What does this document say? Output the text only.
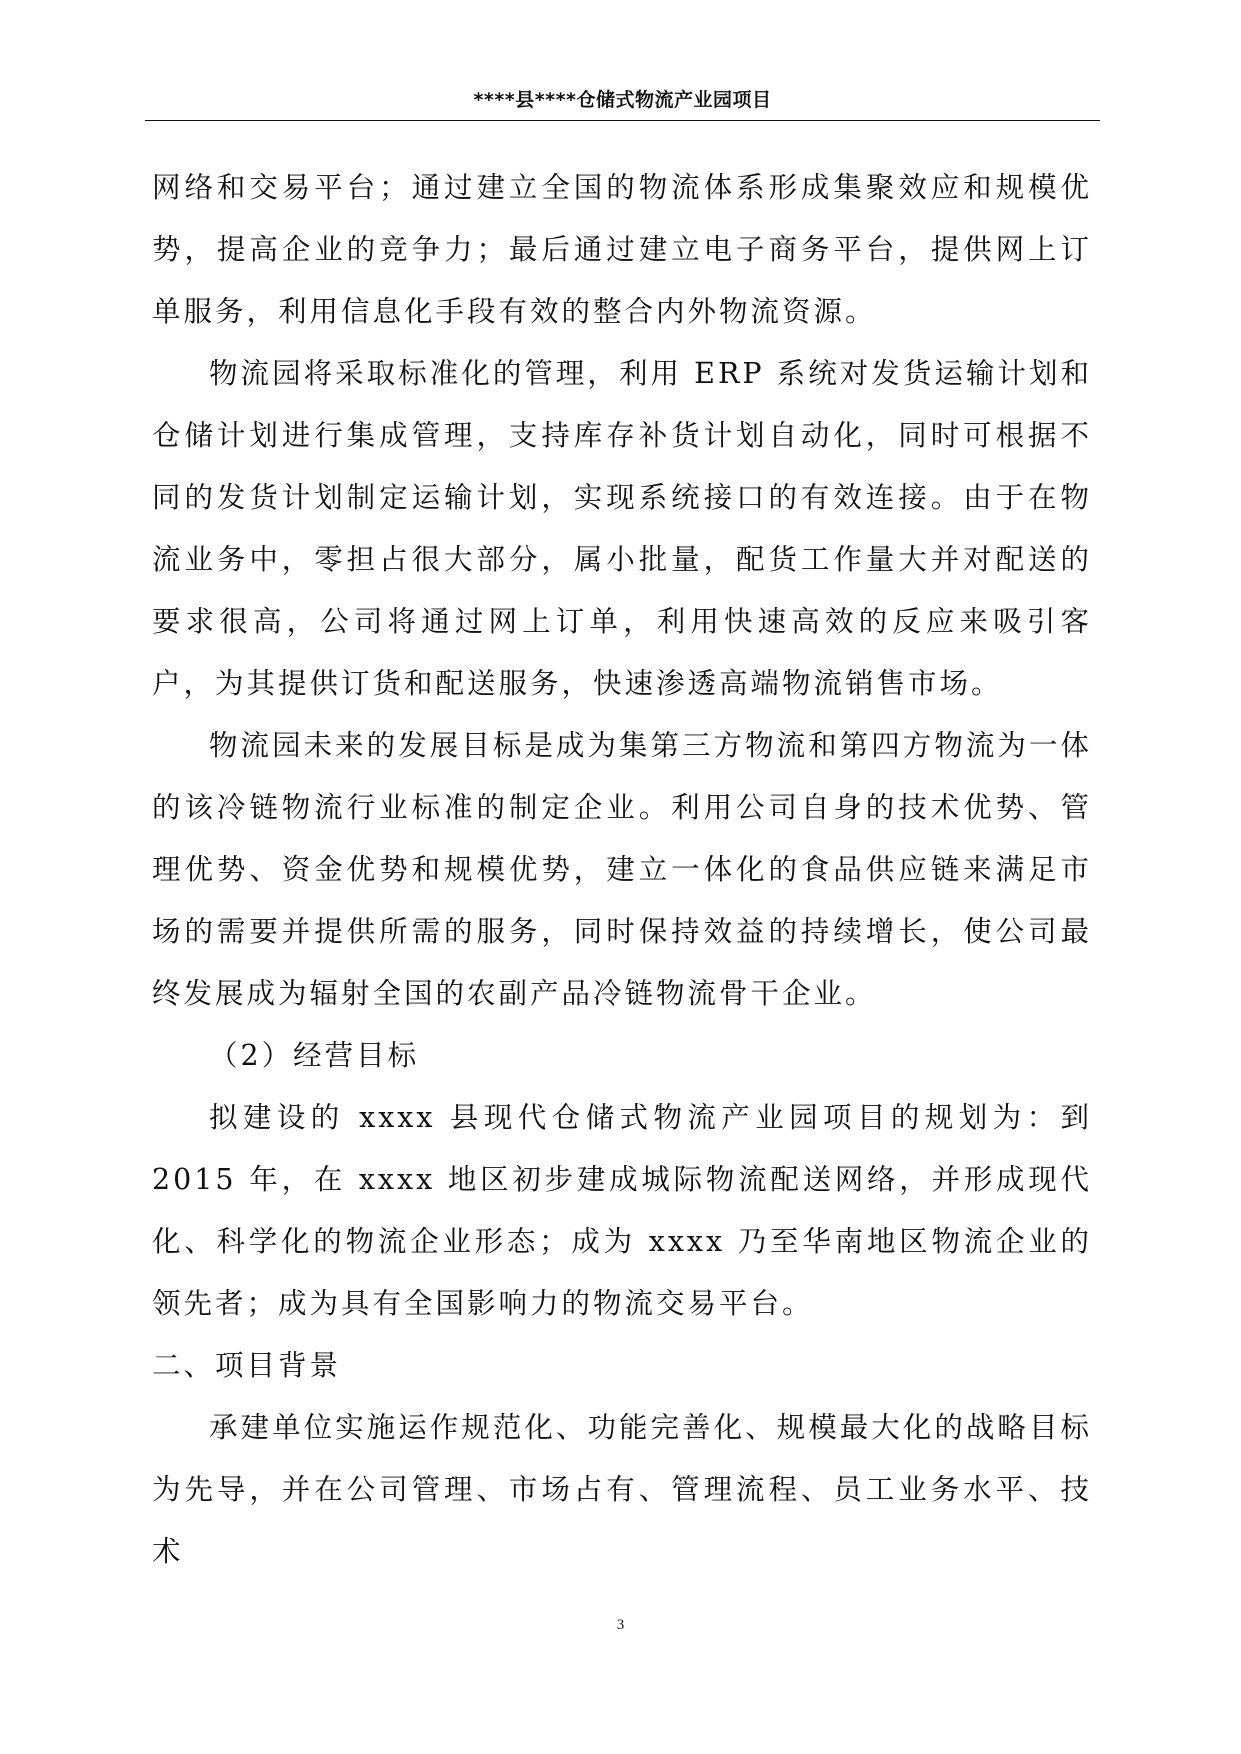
****县****仓储式物流产业园项目

网络和交易平台；通过建立全国的物流体系形成集聚效应和规模优势，提高企业的竞争力；最后通过建立电子商务平台，提供网上订单服务，利用信息化手段有效的整合内外物流资源。

物流园将采取标准化的管理，利用 ERP 系统对发货运输计划和仓储计划进行集成管理，支持库存补货计划自动化，同时可根据不同的发货计划制定运输计划，实现系统接口的有效连接。由于在物流业务中，零担占很大部分，属小批量，配货工作量大并对配送的要求很高，公司将通过网上订单，利用快速高效的反应来吸引客户，为其提供订货和配送服务，快速渗透高端物流销售市场。

物流园未来的发展目标是成为集第三方物流和第四方物流为一体的该冷链物流行业标准的制定企业。利用公司自身的技术优势、管理优势、资金优势和规模优势，建立一体化的食品供应链来满足市场的需要并提供所需的服务，同时保持效益的持续增长，使公司最终发展成为辐射全国的农副产品冷链物流骨干企业。

（2）经营目标

拟建设的 xxxx 县现代仓储式物流产业园项目的规划为：到 2015 年，在 xxxx 地区初步建成城际物流配送网络，并形成现代化、科学化的物流企业形态；成为 xxxx 乃至华南地区物流企业的领先者；成为具有全国影响力的物流交易平台。

二、项目背景

承建单位实施运作规范化、功能完善化、规模最大化的战略目标为先导，并在公司管理、市场占有、管理流程、员工业务水平、技术

3
